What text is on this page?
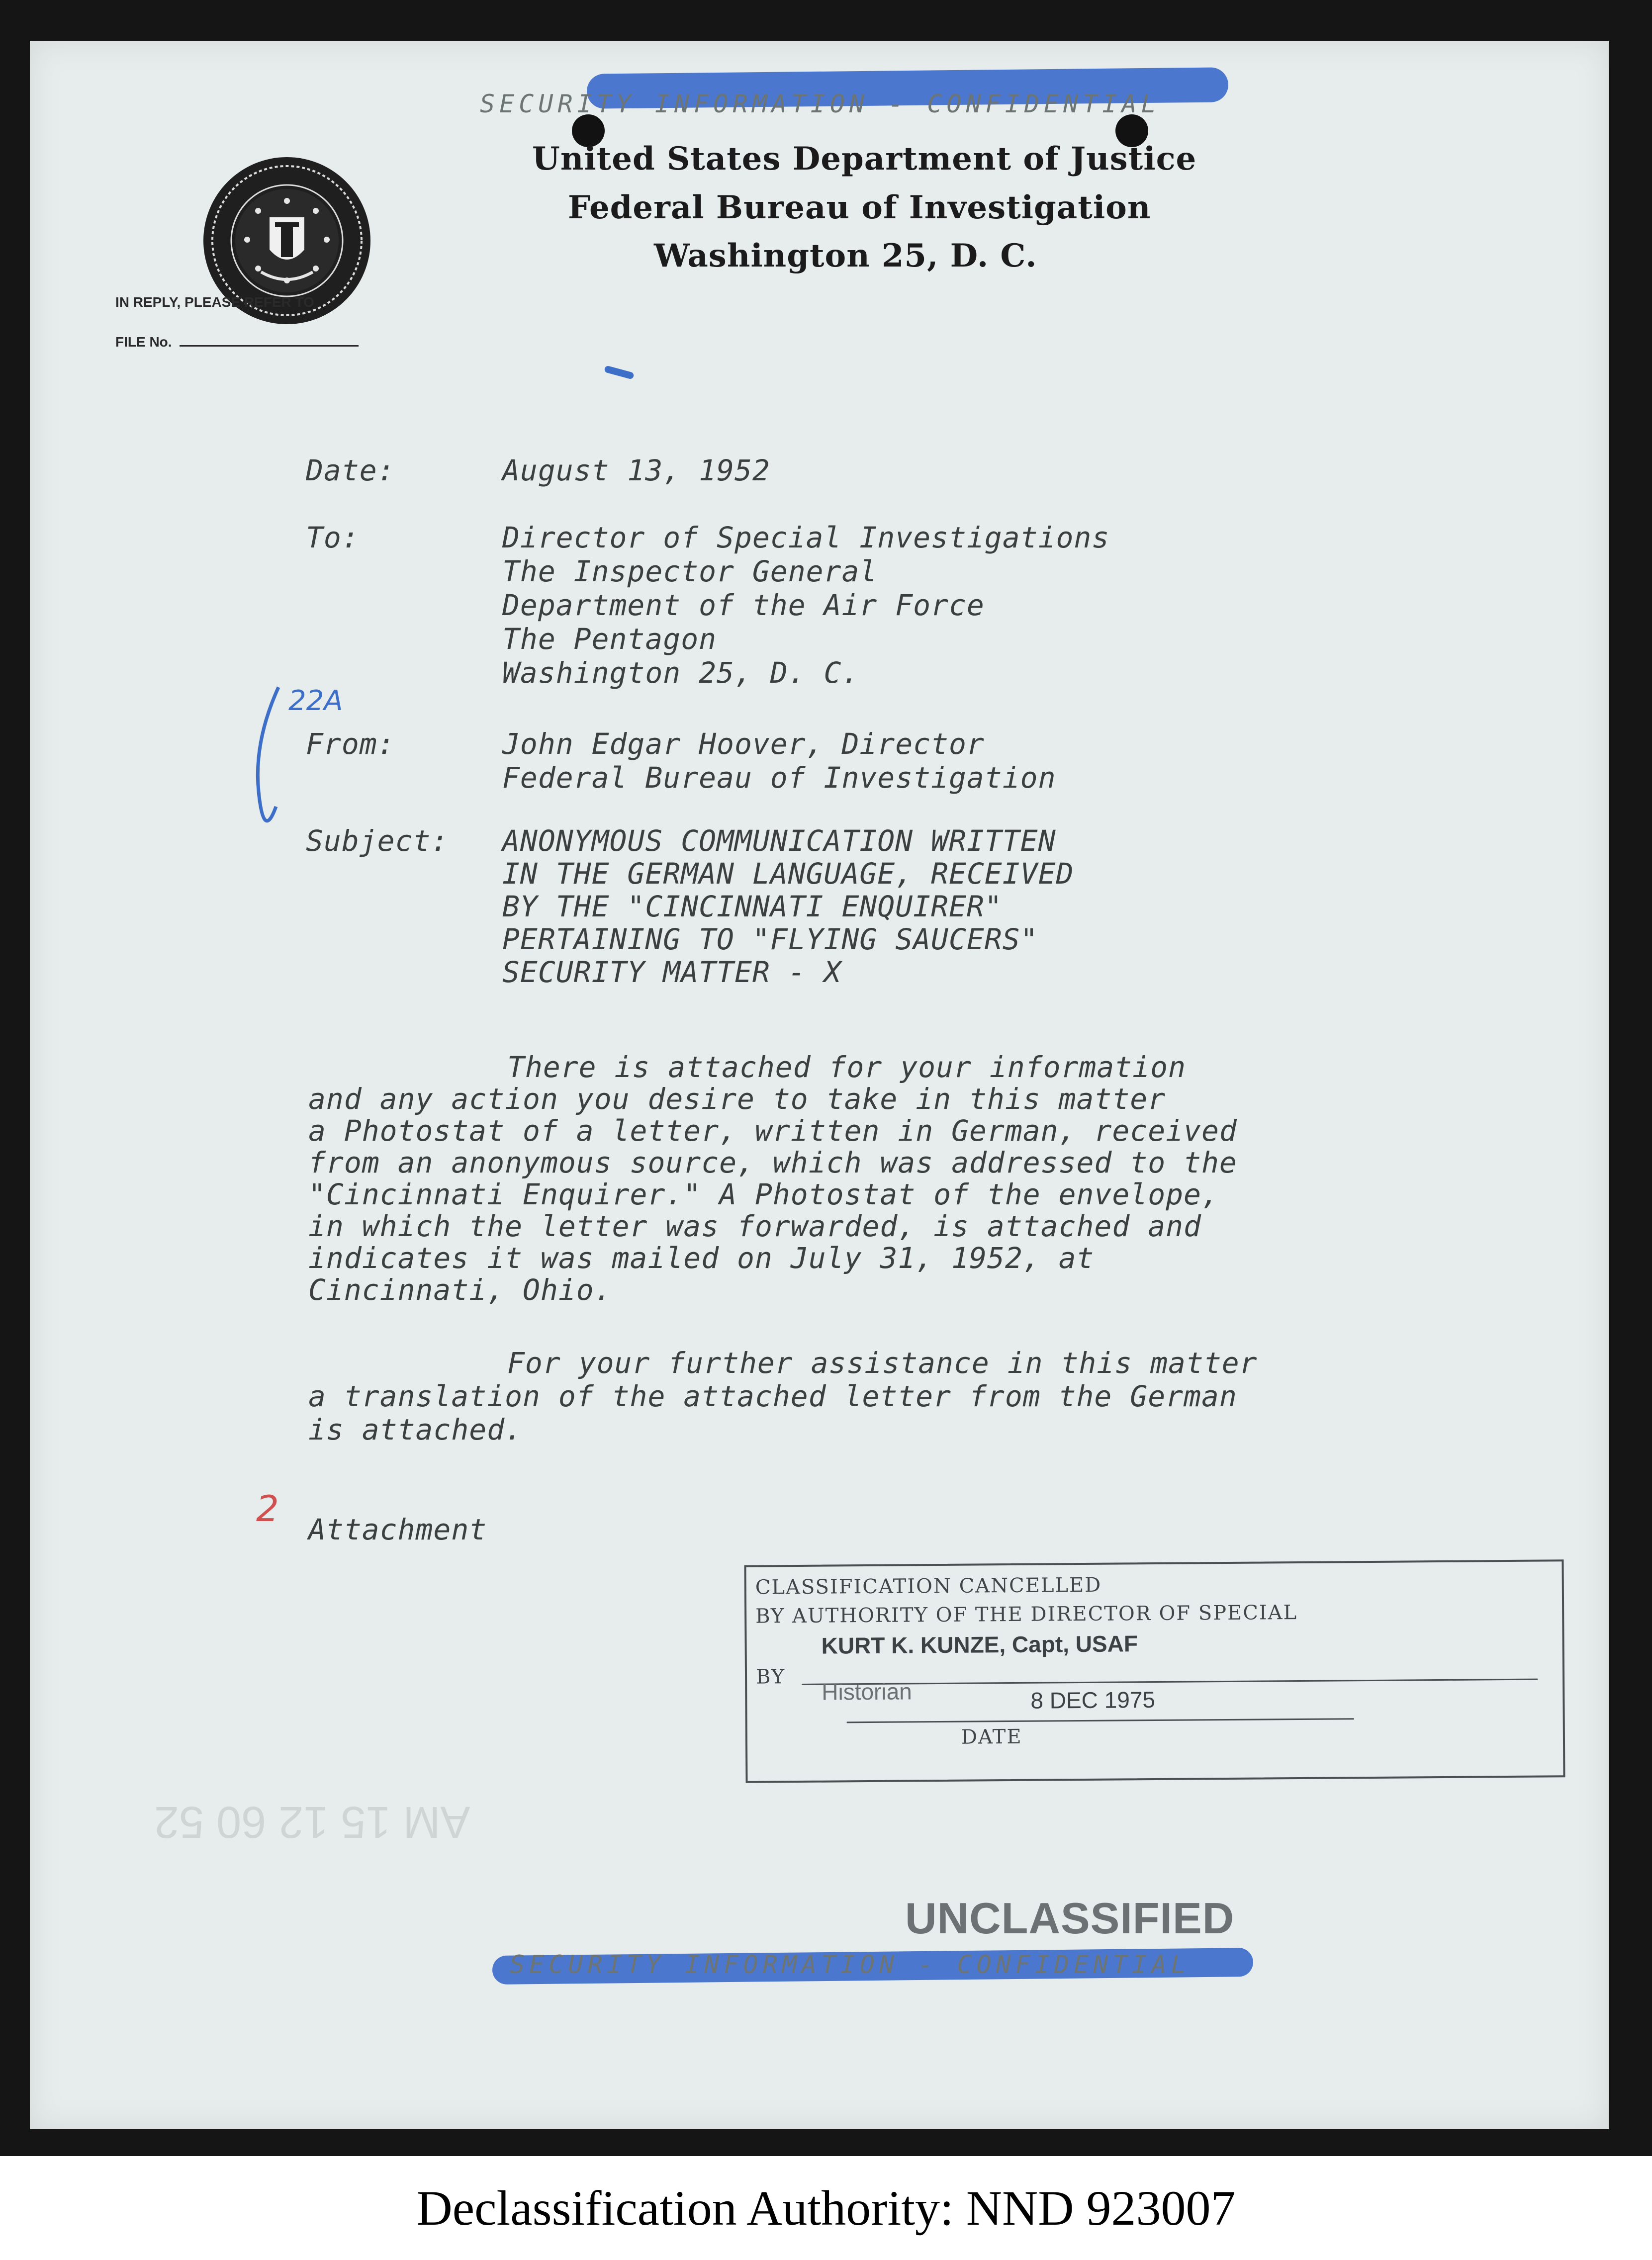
SECURITY INFORMATION - CONFIDENTIAL
United States Department of Justice
Federal Bureau of Investigation
Washington 25, D. C.
IN REPLY, PLEASE REFER TO
FILE No.
Date:	August 13, 1952
To:	Director of Special Investigations
The Inspector General
Department of the Air Force
The Pentagon
Washington 25, D. C.
22A
From:	John Edgar Hoover, Director
Federal Bureau of Investigation
Subject: ANONYMOUS COMMUNICATION WRITTEN
IN THE GERMAN LANGUAGE, RECEIVED
BY THE "CINCINNATI ENQUIRER"
PERTAINING TO "FLYING SAUCERS"
SECURITY MATTER - X
There is attached for your information
and any action you desire to take in this matter
a Photostat of a letter, written in German, received
from an anonymous source, which was addressed to the
"Cincinnati Enquirer." A Photostat of the envelope,
in which the letter was forwarded, is attached and
indicates it was mailed on July 31, 1952, at
Cincinnati, Ohio.
For your further assistance in this matter
a translation of the attached letter from the German
is attached.
2 Attachment
AM 15 12 60 52
CLASSIFICATION CANCELLED
BY AUTHORITY OF THE DIRECTOR OF SPECIAL
BY
KURT K. KUNZE, Capt, USAF
Historian	8 DEC 1975
DATE
UNCLASSIFIED
SECURITY INFORMATION - CONFIDENTIAL
Declassification Authority: NND 923007
